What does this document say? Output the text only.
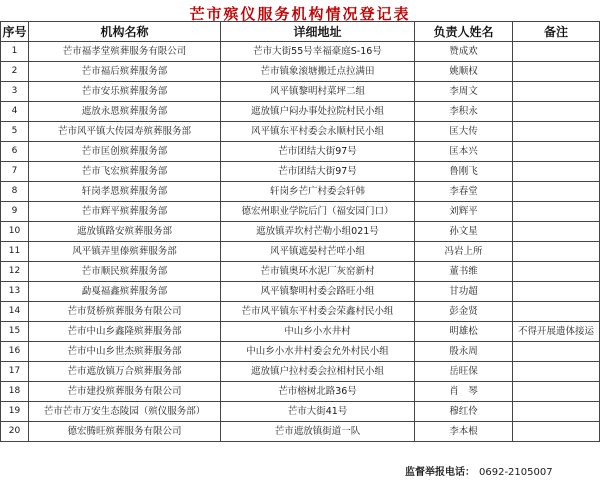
芒市殡仪服务机构情况登记表
序号	机构名称	详细地址	负责人姓名	备注
1	芒市福孝堂殡葬服务有限公司	芒市大街55号幸福豪庭S-16号	赞成欢	
2	芒市福后殡葬服务部	芒市镇象滚塘搬迁点拉满田	姚顺权	
3	芒市安乐殡葬服务部	风平镇黎明村菜坪二组	李周文	
4	遮放永恩殡葬服务部	遮放镇户闷办事处拉院村民小组	李积永	
5	芒市风平镇大传园寿殡葬服务部	风平镇东平村委会永顺村民小组	匡大传	
6	芒市匡创殡葬服务部	芒市团结大街97号	匡本兴	
7	芒市飞宏殡葬服务部	芒市团结大街97号	鲁刚飞	
8	轩岗孝恩殡葬服务部	轩岗乡芒广村委会轩韩	李春堂	
9	芒市辉平殡葬服务部	德宏州职业学院后门（福安园门口）	刘辉平	
10	遮放镇路安殡葬服务部	遮放镇弄坎村芒勒小组021号	孙文星	
11	风平镇弄里傣殡葬服务部	风平镇遮晏村芒咩小组	冯岩上所	
12	芒市顺民殡葬服务部	芒市镇奥环水泥厂灰窑新村	董书维	
13	勐戛福鑫殡葬服务部	风平镇黎明村委会路旺小组	甘功超	
14	芒市贤桥殡葬服务有限公司	芒市风平镇东平村委会荣鑫村民小组	彭金贤	
15	芒市中山乡鑫隆殡葬服务部	中山乡小水井村	明雄松	不得开展遗体接运
16	芒市中山乡世杰殡葬服务部	中山乡小水井村委会允外村民小组	殷永周	
17	芒市遮放镇万合殡葬服务部	遮放镇户拉村委会拉相村民小组	岳旺保	
18	芒市建投殡葬服务有限公司	芒市榕树北路36号	肖　琴	
19	芒市芒市万安生态陵园（殡仪服务部）	芒市大街41号	穆红伶	
20	德宏腾旺殡葬服务有限公司	芒市遮放镇街道一队	李本根	
监督举报电话： 0692-2105007
